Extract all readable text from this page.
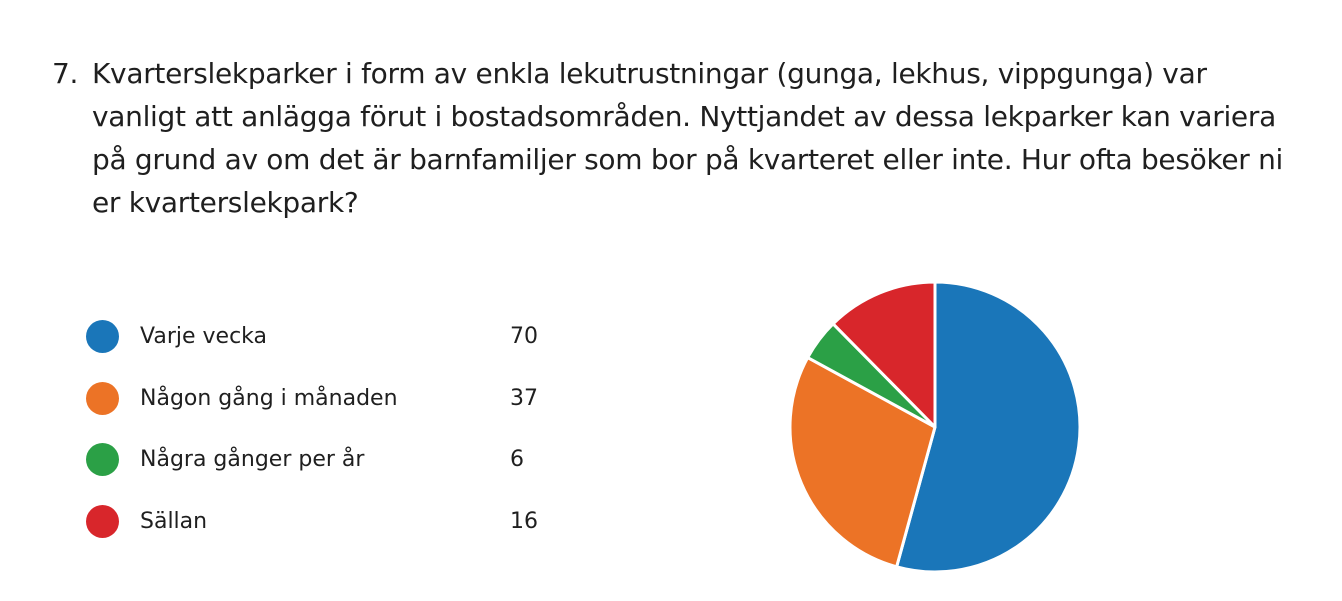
7. Kvarterslekparker i form av enkla lekutrustningar (gunga, lekhus, vippgunga) var vanligt att anlägga förut i bostadsområden. Nyttjandet av dessa lekparker kan variera på grund av om det är barnfamiljer som bor på kvarteret eller inte. Hur ofta besöker ni er kvarterslekpark?
Varje vecka	70
Någon gång i månaden	37
Några gånger per år	6
Sällan	16
